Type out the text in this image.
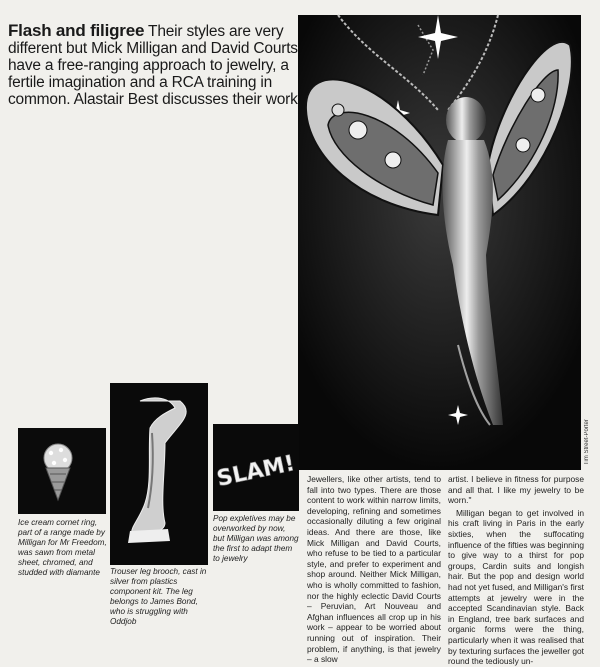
Flash and filigree Their styles are very different but Mick Milligan and David Courts have a free-ranging approach to jewelry, a fertile imagination and a RCA training in common. Alastair Best discusses their work
Tim Street-Porter
SLAM!
Ice cream cornet ring, part of a range made by Milligan for Mr Freedom, was sawn from metal sheet, chromed, and studded with diamante	Trouser leg brooch, cast in silver from plastics component kit. The leg belongs to James Bond, who is struggling with Oddjob
Pop expletives may be overworked by now, but Milligan was among the first to adapt them to jewelry

Jewellers, like other artists, tend to fall into two types. There are those content to work within narrow limits, developing, refining and sometimes occasionally diluting a few original ideas. And there are those, like Mick Milligan and David Courts, who refuse to be tied to a particular style, and prefer to experiment and shop around. Neither Mick Milligan, who is wholly committed to fashion, nor the highly eclectic David Courts – Peruvian, Art Nouveau and Afghan influences all crop up in his work – appear to be worried about running out of inspiration. Their problem, if anything, is that jewelry – a slow

artist. I believe in fitness for purpose and all that. I like my jewelry to be worn."

Milligan began to get involved in his craft living in Paris in the early sixties, when the suffocating influence of the fifties was beginning to give way to a thirst for pop groups, Cardin suits and longish hair. But the pop and design world had not yet fused, and Milligan's first attempts at jewelry were in the accepted Scandinavian style. Back in England, tree bark surfaces and organic forms were the thing, particularly when it was realised that by texturing surfaces the jeweller got round the tediously un-
